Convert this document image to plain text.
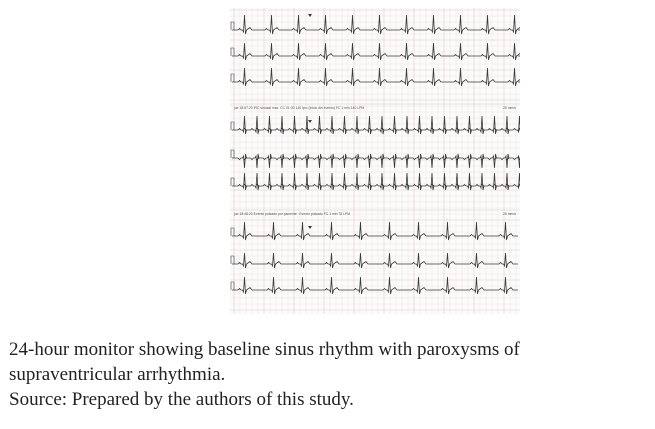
jue 18:57:20 IRC sinusal max. CC 01:00 140 lpm (inicio del evento) FC 1 min 140 LPM	25 mm/s
jue 18:48:20 Evento pulsado por paciente : Evento pulsado FC 1 min 78 LPM	25 mm/s
24-hour monitor showing baseline sinus rhythm with paroxysms of
supraventricular arrhythmia.
Source: Prepared by the authors of this study.
